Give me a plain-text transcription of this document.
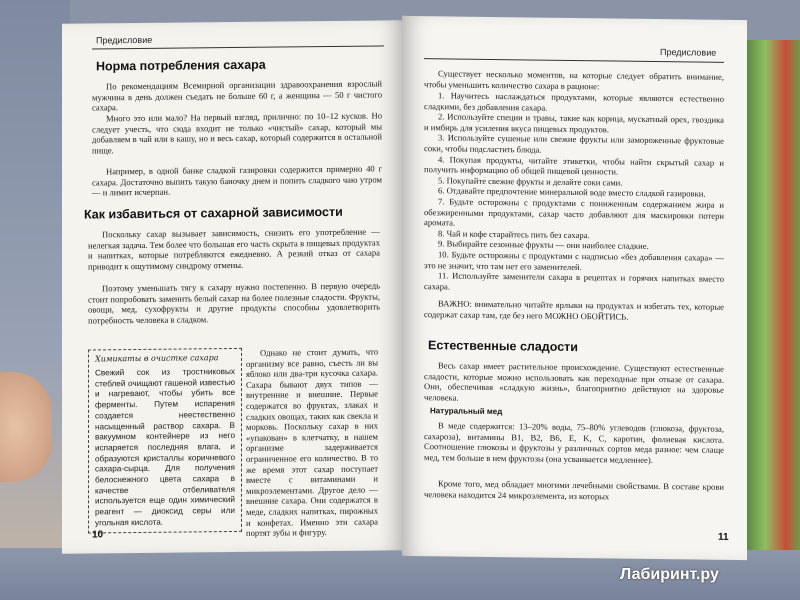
Предисловие
Норма потребления сахара
По рекомендациям Всемирной организации здравоохранения взрослый мужчина в день должен съедать не больше 60 г, а женщина — 50 г чистого сахара.
Много это или мало? На первый взгляд, прилично: по 10–12 кусков. Но следует учесть, что сюда входит не только «чистый» сахар, который мы добавляем в чай или в кашу, но и весь сахар, который содержится в остальной пище.
Например, в одной банке сладкой газировки содержится примерно 40 г сахара. Достаточно выпить такую баночку днем и попить сладкого чаю утром — и лимит исчерпан.
Как избавиться от сахарной зависимости
Поскольку сахар вызывает зависимость, снизить его употребление — нелегкая задача. Тем более что большая его часть скрыта в пищевых продуктах и напитках, которые потребляются ежедневно. А резкий отказ от сахара приводит к ощутимому синдрому отмены.
Поэтому уменьшать тягу к сахару нужно постепенно. В первую очередь стоит попробовать заменить белый сахар на более полезные сладости. Фрукты, овощи, мед, сухофрукты и другие продукты способны удовлетворить потребность человека в сладком.
Однако не стоит думать, что организму все равно, съесть ли вы яблоко или два-три кусочка сахара. Сахара бывают двух типов — внутренние и внешние. Первые содержатся во фруктах, злаках и сладких овощах, таких как свекла и морковь. Поскольку сахар в них «упакован» в клетчатку, в нашем организме задерживается ограниченное его количество. В то же время этот сахар поступает вместе с витаминами и микроэлементами. Другое дело — внешние сахара. Они содержатся в меде, сладких напитках, пирожных и конфетах. Именно эти сахара портят зубы и фигуру.
Химикаты в очистке сахара
Свежий сок из тростниковых стеблей очищают гашеной известью и нагревают, чтобы убить все ферменты. Путем испарения создается неестественно насыщенный раствор сахара. В вакуумном контейнере из него испаряется последняя влага, и образуются кристаллы коричневого сахара-сырца. Для получения белоснежного цвета сахара в качестве отбеливателя используется еще один химический реагент — диоксид серы или угольная кислота.
10
Предисловие
Существует несколько моментов, на которые следует обратить внимание, чтобы уменьшить количество сахара в рационе:
1. Научитесь наслаждаться продуктами, которые являются естественно сладкими, без добавления сахара.
2. Используйте специи и травы, такие как корица, мускатный орех, гвоздика и имбирь для усиления вкуса пищевых продуктов.
3. Используйте сушеные или свежие фрукты или замороженные фруктовые соки, чтобы подсластить блюда.
4. Покупая продукты, читайте этикетки, чтобы найти скрытый сахар и получить информацию об общей пищевой ценности.
5. Покупайте свежие фрукты и делайте соки сами.
6. Отдавайте предпочтение минеральной воде вместо сладкой газировки.
7. Будьте осторожны с продуктами с пониженным содержанием жира и обезжиренными продуктами, сахар часто добавляют для маскировки потери аромата.
8. Чай и кофе старайтесь пить без сахара.
9. Выбирайте сезонные фрукты — они наиболее сладкие.
10. Будьте осторожны с продуктами с надписью «без добавления сахара» — это не значит, что там нет его заменителей.
11. Используйте заменители сахара в рецептах и горячих напитках вместо сахара.
ВАЖНО: внимательно читайте ярлыки на продуктах и избегать тех, которые содержат сахар там, где без него МОЖНО ОБОЙТИСЬ.
Естественные сладости
Весь сахар имеет растительное происхождение. Существуют естественные сладости, которые можно использовать как переходные при отказе от сахара. Они, обеспечивая «сладкую жизнь», благоприятно действуют на здоровье человека.
Натуральный мед
В меде содержится: 13–20% воды, 75–80% углеводов (глюкоза, фруктоза, сахароза), витамины B1, B2, B6, E, K, C, каротин, фолиевая кислота. Соотношение глюкозы и фруктозы у различных сортов меда разное: чем слаще мед, тем больше в нем фруктозы (она усваивается медленнее).
Кроме того, мед обладает многими лечебными свойствами. В составе крови человека находится 24 микроэлемента, из которых
11
Лабиринт.ру
